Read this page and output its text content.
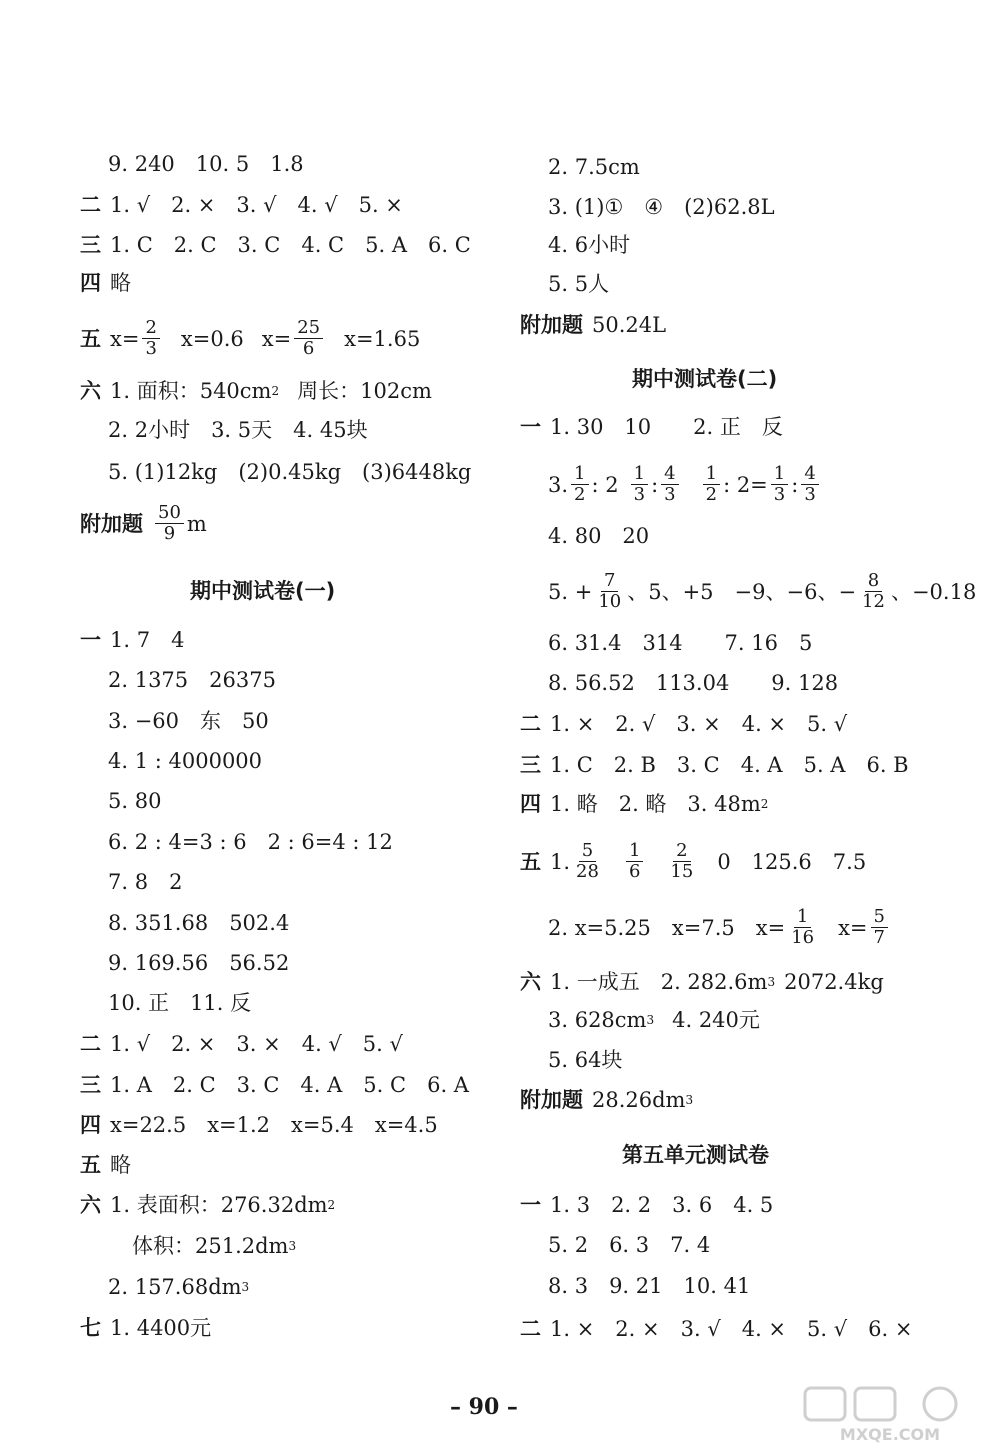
9. 240　10. 5　1.8
二 1. √　2. ×　3. √　4. √　5. ×
三 1. C　2. C　3. C　4. C　5. A　6. C
四 略
五 $x= \frac{2}{3} x=0.6$ $x= \frac{25}{6} x=1.65$
六 1. 面积：540cm 2 周长：102cm
2. 2小时　3. 5天　4. 45块
5. (1)12kg　(2)0.45kg　(3)6448kg
附加题 $\frac{50}{9}$ m
期中测试卷(一)
一 1. 7　4
2. 1375　26375
3. −60　东　50
4. 1 : 4000000
5. 80
6. 2 : 4=3 : 6　2 : 6=4 : 12
7. 8　2
8. 351.68　502.4
9. 169.56　56.52
10. 正　11. 反
二 1. √　2. ×　3. ×　4. √　5. √
三 1. A　2. C　3. C　4. A　5. C　6. A
四 x=22.5　x=1.2　x=5.4　x=4.5
五 略
六 1. 表面积：276.32dm 2
体积：251.2dm 3
2. 157.68dm 3
七 1. 4400元
2. 7.5cm
3. (1)①　④　(2)62.8L
4. 6小时
5. 5人
附加题 50.24L
期中测试卷(二)
一 1. 30　10　　2. 正　反
3. $\frac{1}{2}$ : $2 \frac{1}{3}$ : $\frac{4}{3} \frac{1}{2}$ : $2= \frac{1}{3}$ : $\frac{4}{3}$
4. 80　20
5. + $\frac{7}{10}$ 、5、+5　−9、−6、− $\frac{8}{12}$ 、−0.18
6. 31.4　314　　7. 16　5
8. 56.52　113.04　　9. 128
二 1. ×　2. √　3. ×　4. ×　5. √
三 1. C　2. B　3. C　4. A　5. A　6. B
四 1. 略　2. 略　3. 48m 2
五 1. $\frac{5}{28} \frac{1}{6} \frac{2}{15} 0$　125.6　7.5
2. x=5.25　x=7.5　$x= \frac{1}{16} x= \frac{5}{7}$
六 1. 一成五　2. 282.6m 3 2072.4kg
3. 628cm 3 4. 240元
5. 64块
附加题 28.26dm 3
第五单元测试卷
一 1. 3　2. 2　3. 6　4. 5
5. 2　6. 3　7. 4
8. 3　9. 21　10. 41
二 1. ×　2. ×　3. √　4. ×　5. √　6. ×
– 90 –
MXQE.COM
